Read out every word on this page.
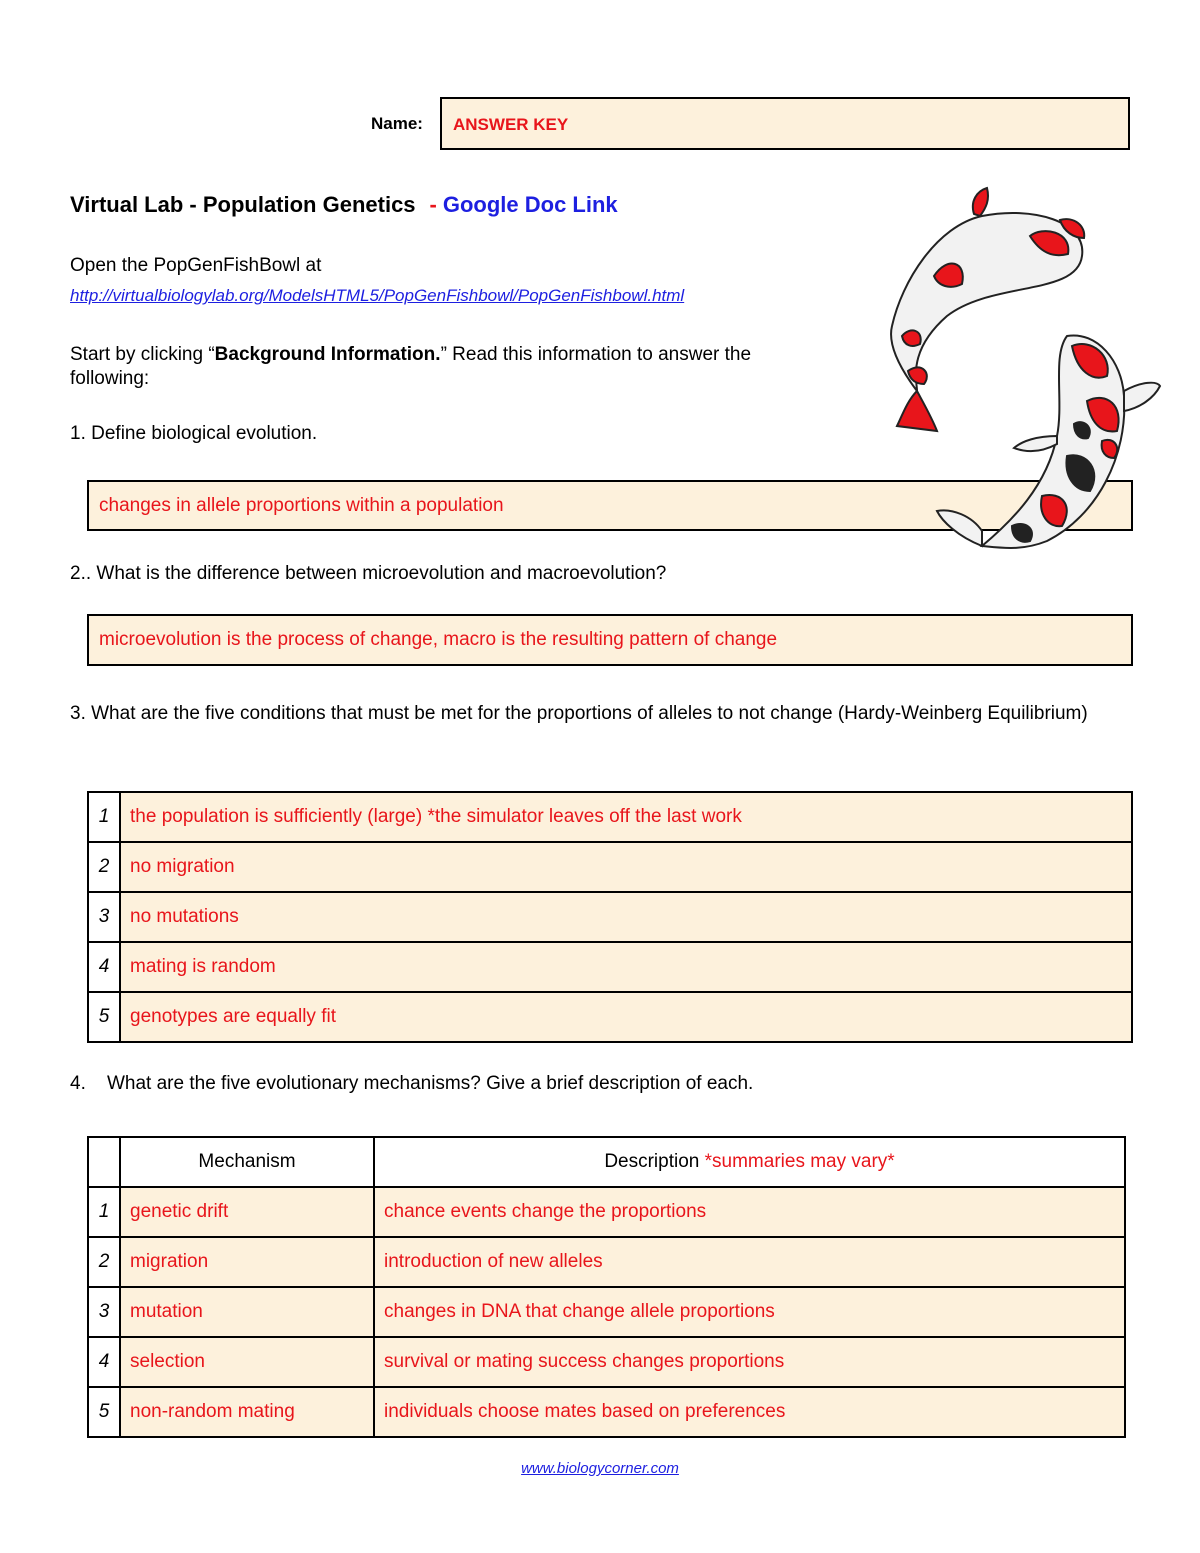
Name: ANSWER KEY
Virtual Lab - Population Genetics - Google Doc Link
Open the PopGenFishBowl at
http://virtualbiologylab.org/ModelsHTML5/PopGenFishbowl/PopGenFishbowl.html
Start by clicking “Background Information.” Read this information to answer the following:
1. Define biological evolution.
changes in allele proportions within a population
2.. What is the difference between microevolution and macroevolution?
microevolution is the process of change, macro is the resulting pattern of change
3. What are the five conditions that must be met for the proportions of alleles to not change (Hardy-Weinberg Equilibrium)
1	the population is sufficiently (large) *the simulator leaves off the last work
2	no migration
3	no mutations
4	mating is random
5	genotypes are equally fit
4. What are the five evolutionary mechanisms? Give a brief description of each.
	Mechanism	Description *summaries may vary*
1	genetic drift	chance events change the proportions
2	migration	introduction of new alleles
3	mutation	changes in DNA that change allele proportions
4	selection	survival or mating success changes proportions
5	non-random mating	individuals choose mates based on preferences
www.biologycorner.com
